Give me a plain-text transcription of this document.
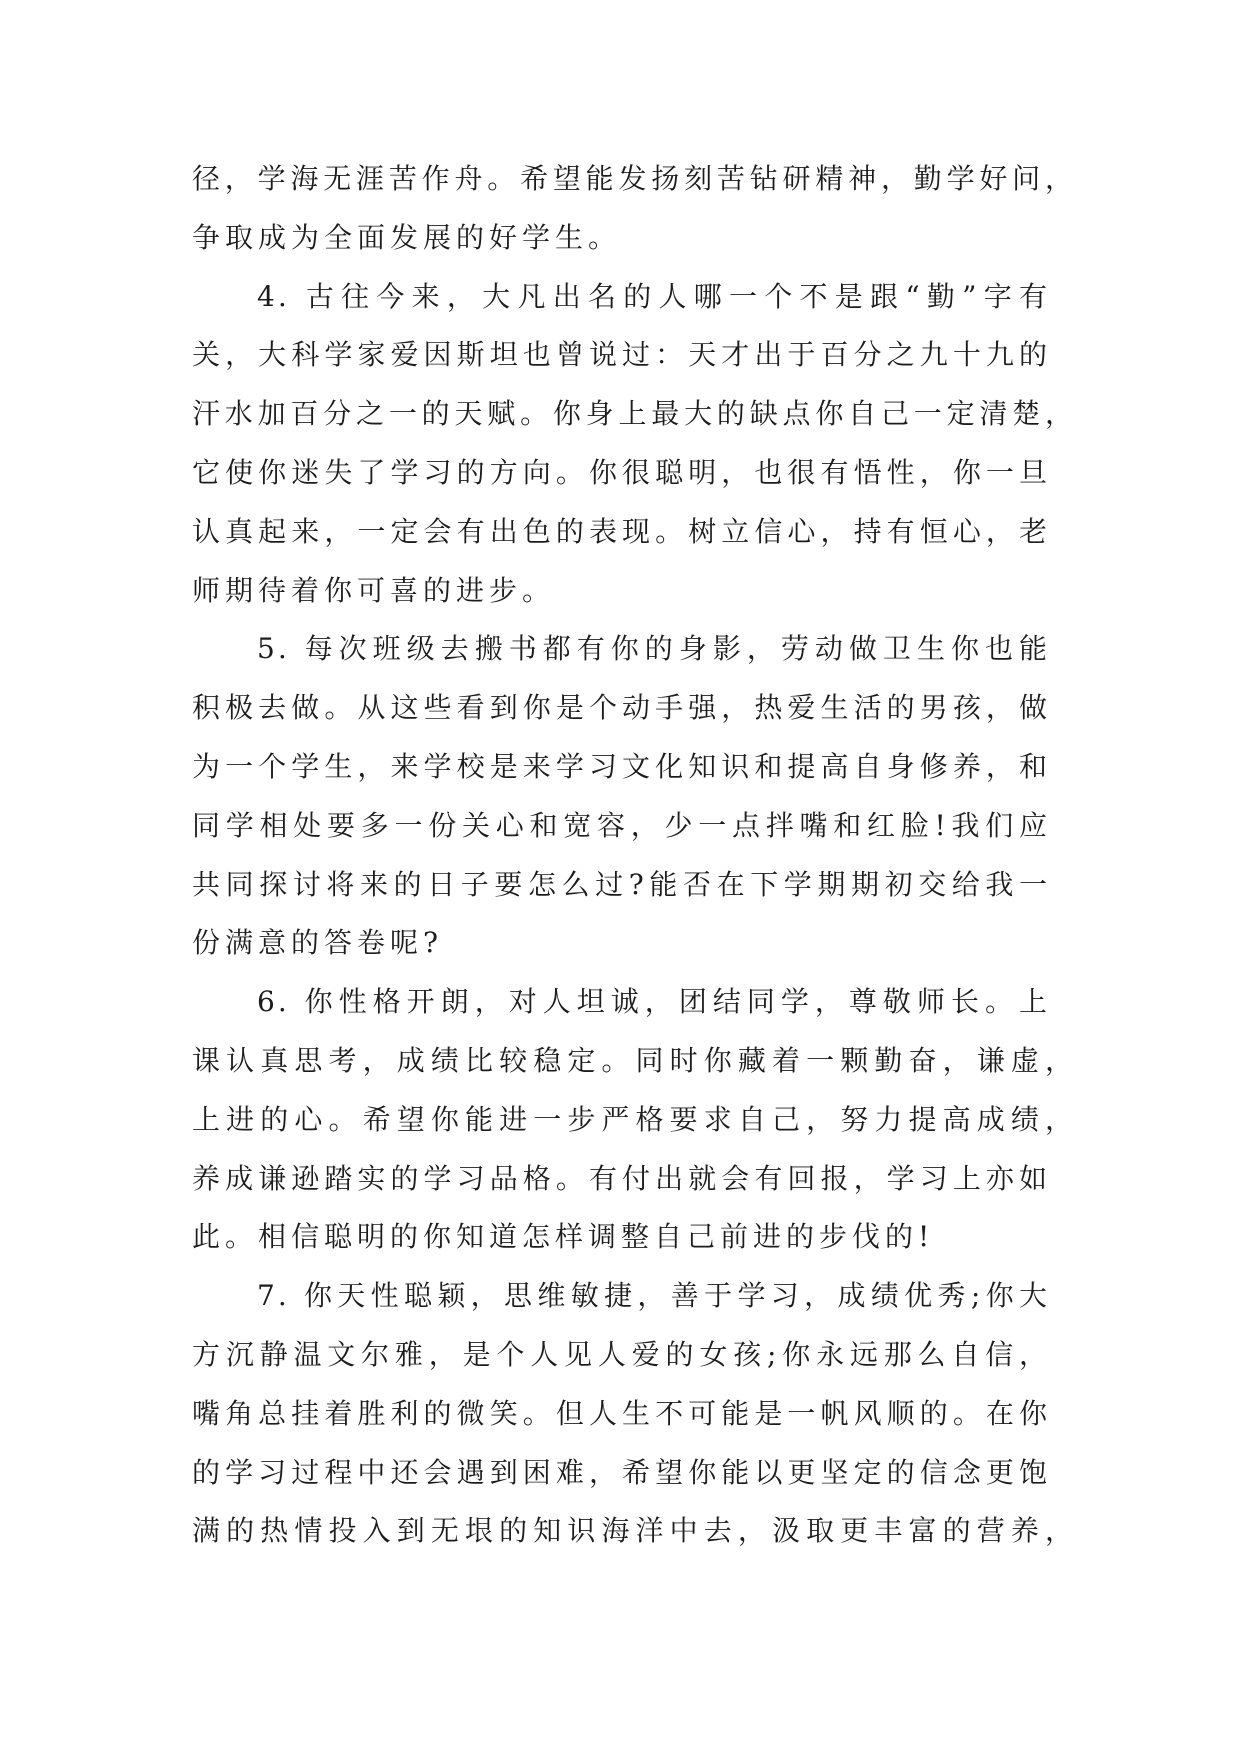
径，学海无涯苦作舟。希望能发扬刻苦钻研精神，勤学好问，
争取成为全面发展的好学生。
4. 古往今来，大凡出名的人哪一个不是跟“勤”字有
关，大科学家爱因斯坦也曾说过：天才出于百分之九十九的
汗水加百分之一的天赋。你身上最大的缺点你自己一定清楚，
它使你迷失了学习的方向。你很聪明，也很有悟性，你一旦
认真起来，一定会有出色的表现。树立信心，持有恒心，老
师期待着你可喜的进步。
5. 每次班级去搬书都有你的身影，劳动做卫生你也能
积极去做。从这些看到你是个动手强，热爱生活的男孩，做
为一个学生，来学校是来学习文化知识和提高自身修养，和
同学相处要多一份关心和宽容，少一点拌嘴和红脸!我们应
共同探讨将来的日子要怎么过?能否在下学期期初交给我一
份满意的答卷呢?
6. 你性格开朗，对人坦诚，团结同学，尊敬师长。上
课认真思考，成绩比较稳定。同时你藏着一颗勤奋，谦虚，
上进的心。希望你能进一步严格要求自己，努力提高成绩，
养成谦逊踏实的学习品格。有付出就会有回报，学习上亦如
此。相信聪明的你知道怎样调整自己前进的步伐的!
7. 你天性聪颖，思维敏捷，善于学习，成绩优秀;你大
方沉静温文尔雅，是个人见人爱的女孩;你永远那么自信，
嘴角总挂着胜利的微笑。但人生不可能是一帆风顺的。在你
的学习过程中还会遇到困难，希望你能以更坚定的信念更饱
满的热情投入到无垠的知识海洋中去，汲取更丰富的营养，
